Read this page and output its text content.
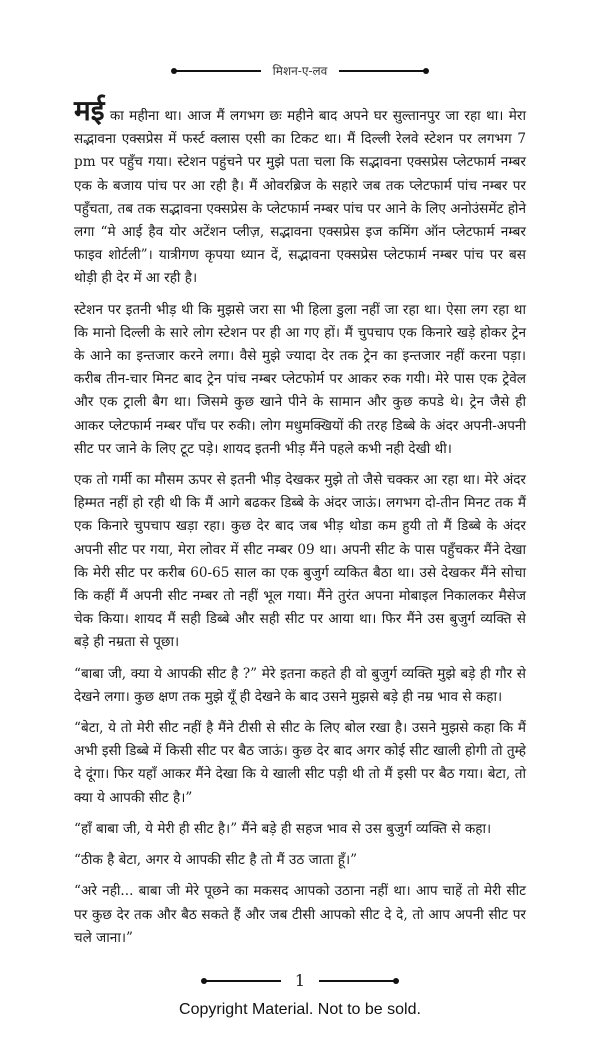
मिशन-ए-लव

मई का महीना था। आज मैं लगभग छः महीने बाद अपने घर सुल्तानपुर जा रहा था। मेरा सद्भावना एक्सप्रेस में फर्स्ट क्लास एसी का टिकट था। मैं दिल्ली रेलवे स्टेशन पर लगभग 7 pm पर पहुँच गया। स्टेशन पहुंचने पर मुझे पता चला कि सद्भावना एक्सप्रेस प्लेटफार्म नम्बर एक के बजाय पांच पर आ रही है। मैं ओवरब्रिज के सहारे जब तक प्लेटफार्म पांच नम्बर पर पहुँचता, तब तक सद्भावना एक्सप्रेस के प्लेटफार्म नम्बर पांच पर आने के लिए अनोउंसमेंट होने लगा “मे आई हैव योर अटेंशन प्लीज़, सद्भावना एक्सप्रेस इज कमिंग ऑन प्लेटफार्म नम्बर फाइव शोर्टली”। यात्रीगण कृपया ध्यान दें, सद्भावना एक्सप्रेस प्लेटफार्म नम्बर पांच पर बस थोड़ी ही देर में आ रही है।

स्टेशन पर इतनी भीड़ थी कि मुझसे जरा सा भी हिला डुला नहीं जा रहा था। ऐसा लग रहा था कि मानो दिल्ली के सारे लोग स्टेशन पर ही आ गए हों। मैं चुपचाप एक किनारे खड़े होकर ट्रेन के आने का इन्तजार करने लगा। वैसे मुझे ज्यादा देर तक ट्रेन का इन्तजार नहीं करना पड़ा। करीब तीन-चार मिनट बाद ट्रेन पांच नम्बर प्लेटफोर्म पर आकर रुक गयी। मेरे पास एक ट्रेवेल और एक ट्राली बैग था। जिसमे कुछ खाने पीने के सामान और कुछ कपडे थे। ट्रेन जैसे ही आकर प्लेटफार्म नम्बर पाँच पर रुकी। लोग मधुमक्खियों की तरह डिब्बे के अंदर अपनी-अपनी सीट पर जाने के लिए टूट पड़े। शायद इतनी भीड़ मैंने पहले कभी नही देखी थी।

एक तो गर्मी का मौसम ऊपर से इतनी भीड़ देखकर मुझे तो जैसे चक्कर आ रहा था। मेरे अंदर हिम्मत नहीं हो रही थी कि मैं आगे बढकर डिब्बे के अंदर जाऊं। लगभग दो-तीन मिनट तक मैं एक किनारे चुपचाप खड़ा रहा। कुछ देर बाद जब भीड़ थोडा कम हुयी तो मैं डिब्बे के अंदर अपनी सीट पर गया, मेरा लोवर में सीट नम्बर 09 था। अपनी सीट के पास पहुँचकर मैंने देखा कि मेरी सीट पर करीब 60-65 साल का एक बुजुर्ग व्यकित बैठा था। उसे देखकर मैंने सोचा कि कहीं मैं अपनी सीट नम्बर तो नहीं भूल गया। मैंने तुरंत अपना मोबाइल निकालकर मैसेज चेक किया। शायद मैं सही डिब्बे और सही सीट पर आया था। फिर मैंने उस बुजुर्ग व्यक्ति से बड़े ही नम्रता से पूछा।

“बाबा जी, क्या ये आपकी सीट है ?” मेरे इतना कहते ही वो बुजुर्ग व्यक्ति मुझे बड़े ही गौर से देखने लगा। कुछ क्षण तक मुझे यूँ ही देखने के बाद उसने मुझसे बड़े ही नम्र भाव से कहा।

“बेटा, ये तो मेरी सीट नहीं है मैंने टीसी से सीट के लिए बोल रखा है। उसने मुझसे कहा कि मैं अभी इसी डिब्बे में किसी सीट पर बैठ जाऊं। कुछ देर बाद अगर कोई सीट खाली होगी तो तुम्हे दे दूंगा। फिर यहाँ आकर मैंने देखा कि ये खाली सीट पड़ी थी तो मैं इसी पर बैठ गया। बेटा, तो क्या ये आपकी सीट है।”

“हाँ बाबा जी, ये मेरी ही सीट है।” मैंने बड़े ही सहज भाव से उस बुजुर्ग व्यक्ति से कहा।

“ठीक है बेटा, अगर ये आपकी सीट है तो मैं उठ जाता हूँ।”

“अरे नही... बाबा जी मेरे पूछने का मकसद आपको उठाना नहीं था। आप चाहें तो मेरी सीट पर कुछ देर तक और बैठ सकते हैं और जब टीसी आपको सीट दे दे, तो आप अपनी सीट पर चले जाना।”

1
Copyright Material. Not to be sold.
